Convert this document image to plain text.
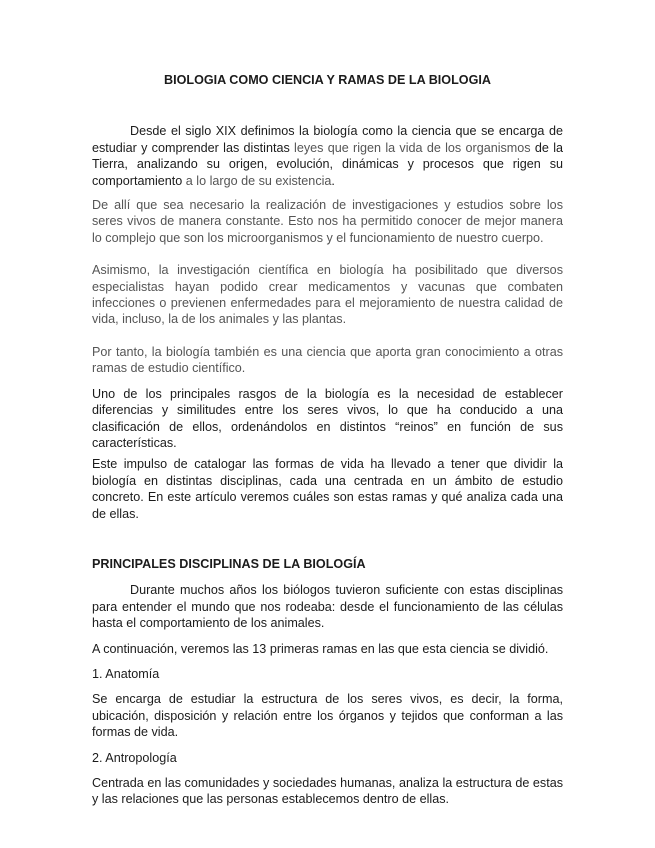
BIOLOGIA COMO CIENCIA Y RAMAS DE LA BIOLOGIA

Desde el siglo XIX definimos la biología como la ciencia que se encarga de estudiar y comprender las distintas leyes que rigen la vida de los organismos de la Tierra, analizando su origen, evolución, dinámicas y procesos que rigen su comportamiento a lo largo de su existencia.

De allí que sea necesario la realización de investigaciones y estudios sobre los seres vivos de manera constante. Esto nos ha permitido conocer de mejor manera lo complejo que son los microorganismos y el funcionamiento de nuestro cuerpo.

Asimismo, la investigación científica en biología ha posibilitado que diversos especialistas hayan podido crear medicamentos y vacunas que combaten infecciones o previenen enfermedades para el mejoramiento de nuestra calidad de vida, incluso, la de los animales y las plantas.

Por tanto, la biología también es una ciencia que aporta gran conocimiento a otras ramas de estudio científico.

Uno de los principales rasgos de la biología es la necesidad de establecer diferencias y similitudes entre los seres vivos, lo que ha conducido a una clasificación de ellos, ordenándolos en distintos “reinos” en función de sus características.

Este impulso de catalogar las formas de vida ha llevado a tener que dividir la biología en distintas disciplinas, cada una centrada en un ámbito de estudio concreto. En este artículo veremos cuáles son estas ramas y qué analiza cada una de ellas.

PRINCIPALES DISCIPLINAS DE LA BIOLOGÍA

Durante muchos años los biólogos tuvieron suficiente con estas disciplinas para entender el mundo que nos rodeaba: desde el funcionamiento de las células hasta el comportamiento de los animales.

A continuación, veremos las 13 primeras ramas en las que esta ciencia se dividió.

1. Anatomía

Se encarga de estudiar la estructura de los seres vivos, es decir, la forma, ubicación, disposición y relación entre los órganos y tejidos que conforman a las formas de vida.

2. Antropología

Centrada en las comunidades y sociedades humanas, analiza la estructura de estas y las relaciones que las personas establecemos dentro de ellas.
